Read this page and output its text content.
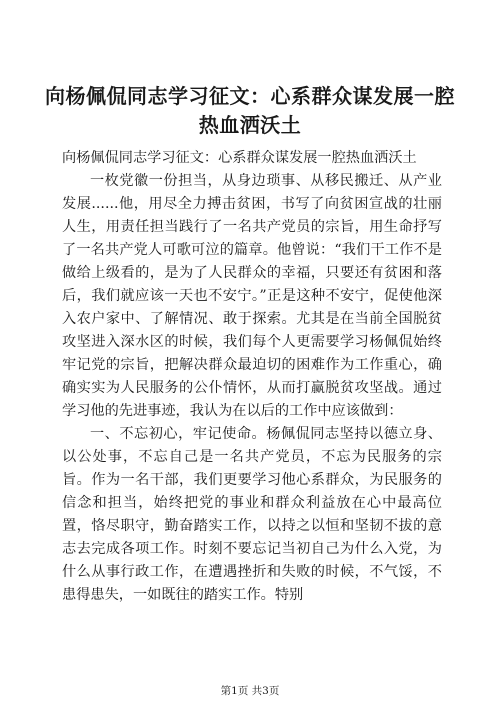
向杨佩侃同志学习征文：心系群众谋发展一腔热血洒沃土
向杨佩侃同志学习征文：心系群众谋发展一腔热血洒沃土

一枚党徽一份担当，从身边琐事、从移民搬迁、从产业发展......他，用尽全力搏击贫困，书写了向贫困宣战的壮丽人生，用责任担当践行了一名共产党员的宗旨，用生命抒写了一名共产党人可歌可泣的篇章。他曾说：“我们干工作不是做给上级看的，是为了人民群众的幸福，只要还有贫困和落后，我们就应该一天也不安宁。”正是这种不安宁，促使他深入农户家中、了解情况、敢于探索。尤其是在当前全国脱贫攻坚进入深水区的时候，我们每个人更需要学习杨佩侃始终牢记党的宗旨，把解决群众最迫切的困难作为工作重心，确确实实为人民服务的公仆情怀，从而打赢脱贫攻坚战。通过学习他的先进事迹，我认为在以后的工作中应该做到：

一、不忘初心，牢记使命。杨佩侃同志坚持以德立身、以公处事，不忘自己是一名共产党员，不忘为民服务的宗旨。作为一名干部，我们更要学习他心系群众，为民服务的信念和担当，始终把党的事业和群众利益放在心中最高位置，恪尽职守，勤奋踏实工作，以持之以恒和坚韧不拔的意志去完成各项工作。时刻不要忘记当初自己为什么入党，为什么从事行政工作，在遭遇挫折和失败的时候，不气馁，不患得患失，一如既往的踏实工作。特别

第1页 共3页
